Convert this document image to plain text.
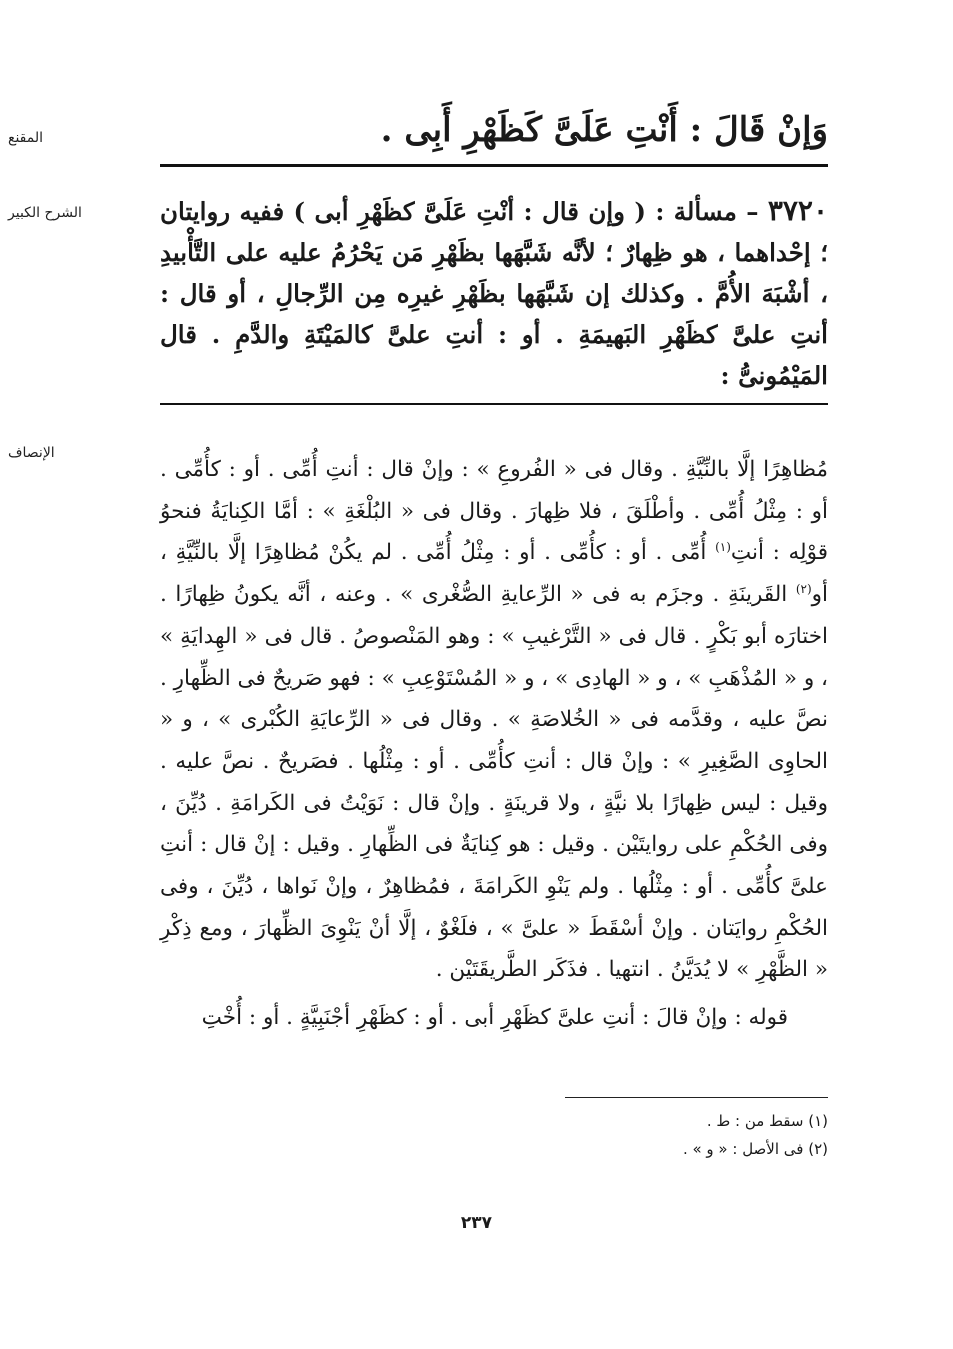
المقنع	وَإنْ قَالَ : أَنْتِ عَلَىَّ كَظَهْرِ أَبِى .
الشرح الكبير	٣٧٢٠ – مسألة : ( وإن قال : أنْتِ عَلَىَّ كظَهْرِ أبى ) ففيه روايتان ؛ إحْداهما ، هو ظِهارٌ ؛ لأنَّه شَبَّهَها بظَهْرِ مَن يَحْرُمُ عليه على التَّأْبيدِ ، أشْبَهَ الأُمَّ . وكذلك إن شَبَّهَها بظَهْرِ غيرِه مِن الرِّجالِ ، أو قال : أنتِ علىَّ كظَهْرِ البَهيمَةِ . أو : أنتِ علىَّ كالمَيْتَةِ والدَّمِ . قال المَيْمُونىُّ :
الإنصاف

مُظاهِرًا إلَّا بالنِّيَّةِ . وقال فى « الفُروعِ » : وإنْ قال : أنتِ أُمِّى . أو : كأُمِّى . أو : مِثْلُ أُمِّى . وأطْلَقَ ، فلا ظِهارَ . وقال فى « البُلْغَةِ » : أمَّا الكِنايَةُ فنحوُ قوْلِه : أنتِ$^{(١)}$ أُمِّى . أو : كأُمِّى . أو : مِثْلُ أُمِّى . لم يكُنْ مُظاهِرًا إلَّا بالنِّيَّةِ ، أو$^{(٢)}$ القَرينَةِ . وجزَم به فى « الرِّعايةِ الصُّغْرى » . وعنه ، أنَّه يكونُ ظِهارًا . اختارَه أبو بَكْرٍ . قال فى « التَّرْغيبِ » : وهو المَنْصوصُ . قال فى « الهِدايَةِ » ، و « المُذْهَبِ » ، و « الهادِى » ، و « المُسْتَوْعِبِ » : فهو صَريحٌ فى الظِّهارِ . نصَّ عليه ، وقدَّمه فى « الخُلاصَةِ » . وقال فى « الرِّعايَةِ الكُبْرى » ، و « الحاوِى الصَّغِيرِ » : وإنْ قال : أنتِ كأُمِّى . أو : مِثْلُها . فصَريحٌ . نصَّ عليه . وقيل : ليس ظِهارًا بلا نيَّةٍ ، ولا قرينَةٍ . وإنْ قال : نَوَيْتُ فى الكَرامَةِ . دُيِّنَ ، وفى الحُكْمِ على روايتَيْن . وقيل : هو كِنايَةٌ فى الظِّهارِ . وقيل : إنْ قال : أنتِ علىَّ كأُمِّى . أو : مِثْلُها . ولم يَنْوِ الكَرامَةَ ، فمُظاهِرٌ ، وإنْ نَواها ، دُيِّنَ ، وفى الحُكْمِ روايَتان . وإنْ أسْقَطَ « علىَّ » ، فلَغْوٌ ، إلَّا أنْ يَنْوِىَ الظِّهارَ ، ومع ذِكْرِ « الظَّهْرِ » لا يُدَيَّنُ . انتهيا . فذَكَر الطَّريقَتَيْن .

قوله : وإنْ قالَ : أنتِ علىَّ كظَهْرِ أبى . أو : كظَهْرِ أجْنَبِيَّةٍ . أو : أُخْتِ

(١) سقط من : ط .
(٢) فى الأصل : « و » .
٢٣٧
